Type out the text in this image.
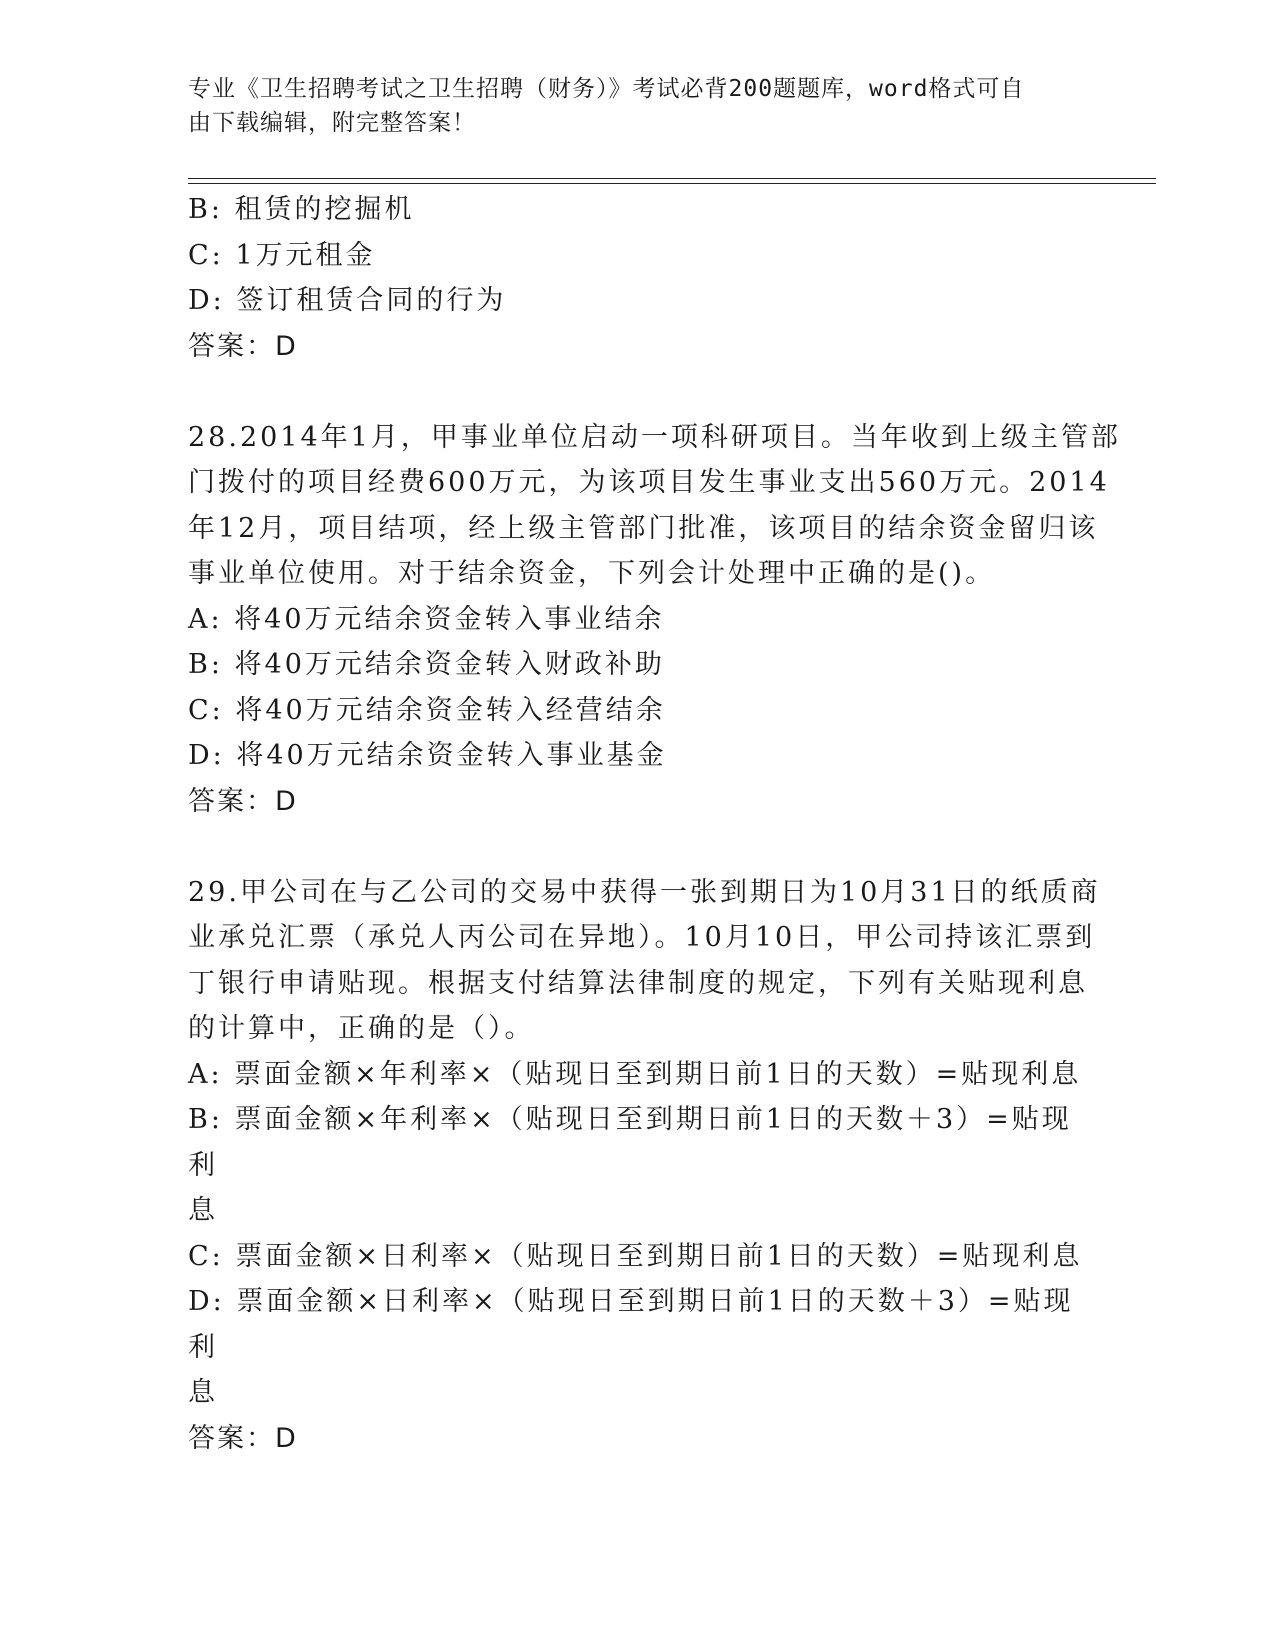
专业《卫生招聘考试之卫生招聘（财务）》考试必背200题题库，word格式可自
由下载编辑，附完整答案！

B: 租赁的挖掘机

C: 1万元租金

D: 签订租赁合同的行为

答案：D

28.2014年1月，甲事业单位启动一项科研项目。当年收到上级主管部

门拨付的项目经费600万元，为该项目发生事业支出560万元。2014

年12月，项目结项，经上级主管部门批准，该项目的结余资金留归该

事业单位使用。对于结余资金，下列会计处理中正确的是()。

A: 将40万元结余资金转入事业结余

B: 将40万元结余资金转入财政补助

C: 将40万元结余资金转入经营结余

D: 将40万元结余资金转入事业基金

答案：D

29.甲公司在与乙公司的交易中获得一张到期日为10月31日的纸质商

业承兑汇票（承兑人丙公司在异地）。10月10日，甲公司持该汇票到

丁银行申请贴现。根据支付结算法律制度的规定，下列有关贴现利息

的计算中，正确的是（）。

A: 票面金额×年利率×（贴现日至到期日前1日的天数）=贴现利息

B: 票面金额×年利率×（贴现日至到期日前1日的天数＋3）=贴现利

息

C: 票面金额×日利率×（贴现日至到期日前1日的天数）=贴现利息

D: 票面金额×日利率×（贴现日至到期日前1日的天数＋3）=贴现利

息

答案：D
